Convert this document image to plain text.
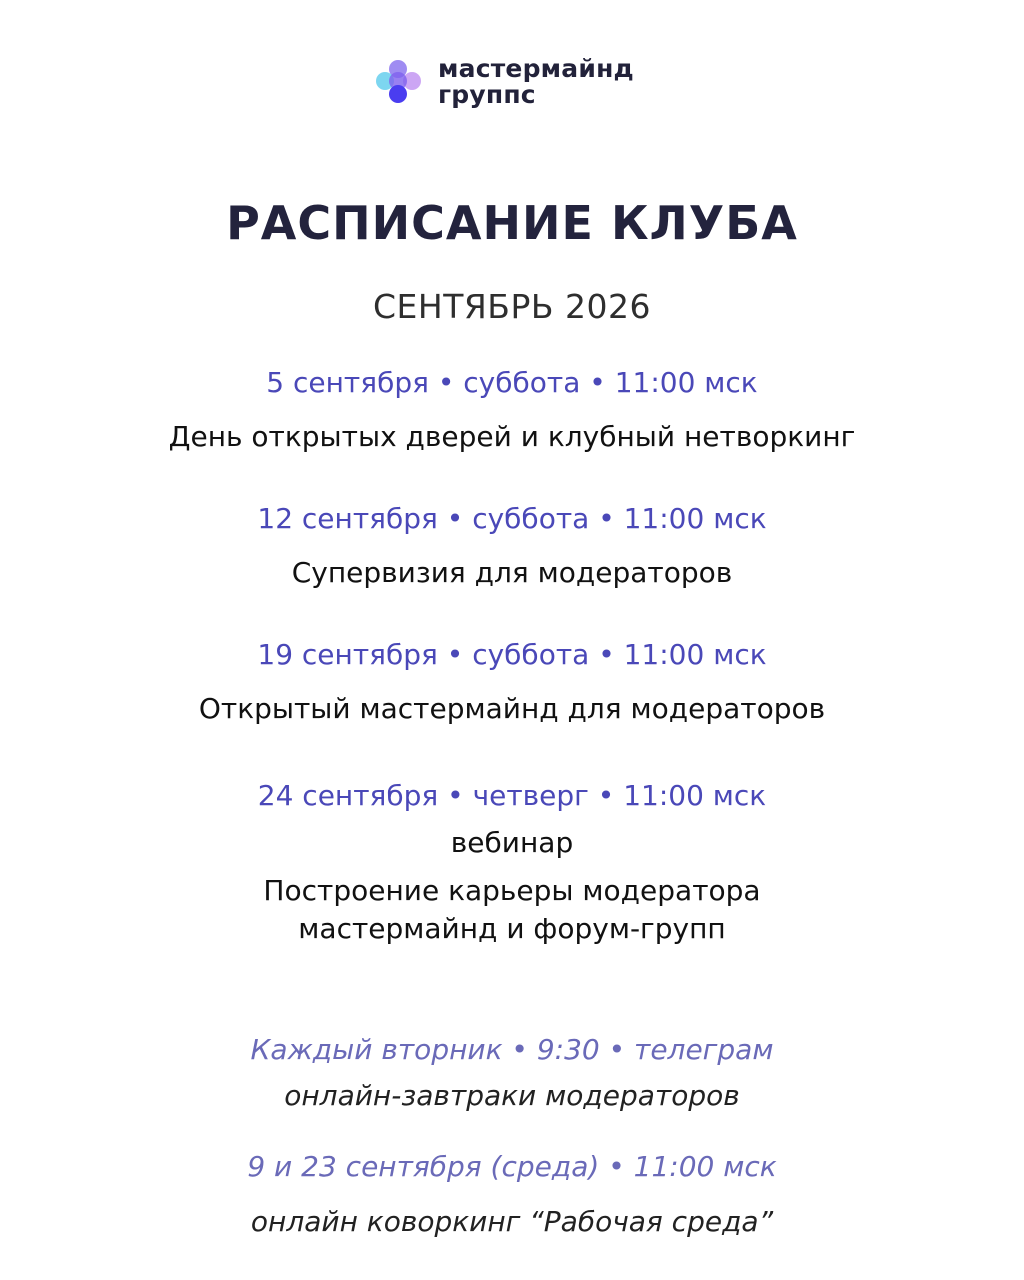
мастермайнд
группс
РАСПИСАНИЕ КЛУБА
СЕНТЯБРЬ 2026
5 сентября • суббота • 11:00 мск
День открытых дверей и клубный нетворкинг
12 сентября • суббота • 11:00 мск
Супервизия для модераторов
19 сентября • суббота • 11:00 мск
Открытый мастермайнд для модераторов
24 сентября • четверг • 11:00 мск
вебинар
Построение карьеры модератора
мастермайнд и форум-групп
Каждый вторник • 9:30 • телеграм
онлайн-завтраки модераторов
9 и 23 сентября (среда) • 11:00 мск
онлайн коворкинг “Рабочая среда”
